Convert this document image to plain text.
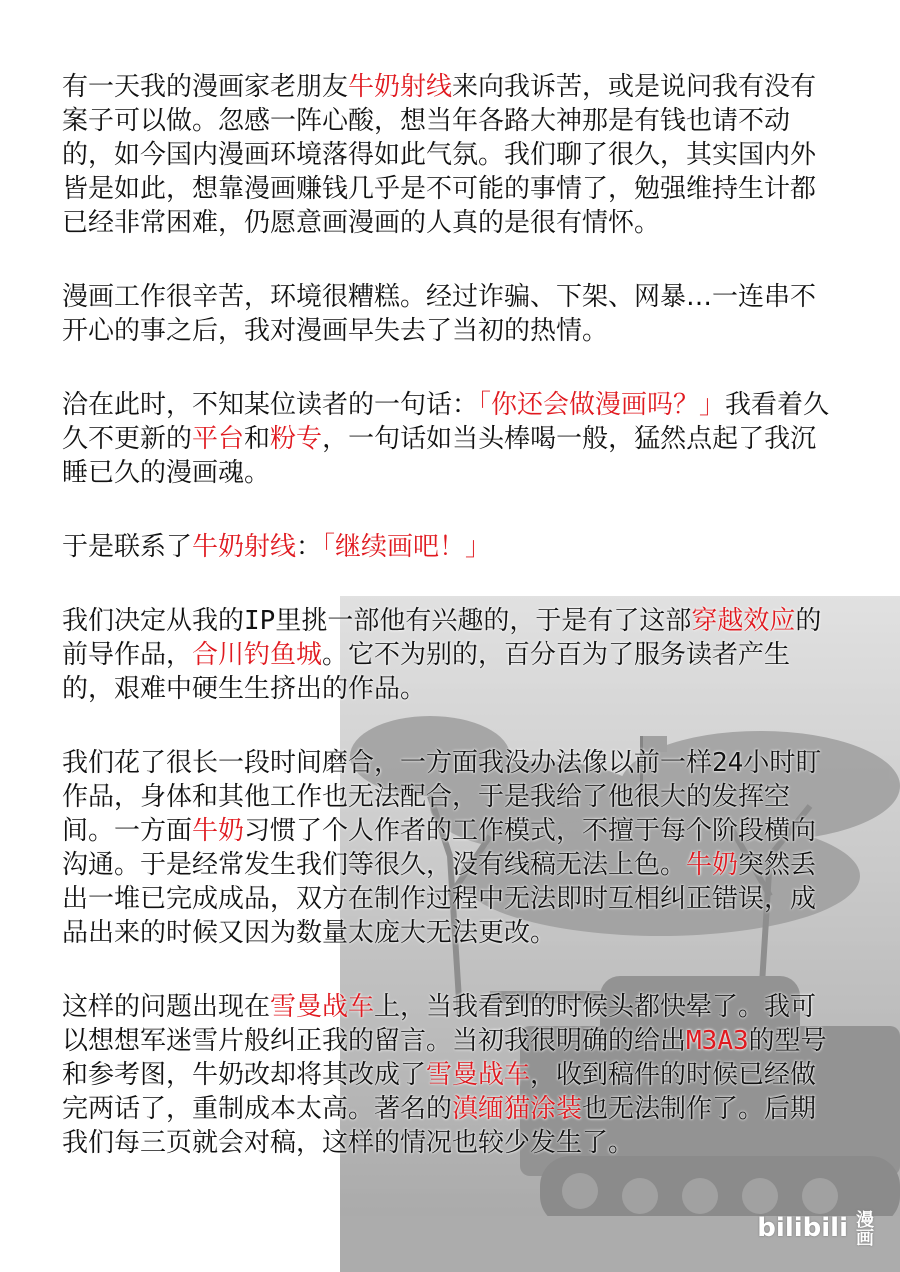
有一天我的漫画家老朋友牛奶射线来向我诉苦，或是说问我有没有案子可以做。忽感一阵心酸，想当年各路大神那是有钱也请不动的，如今国内漫画环境落得如此气氛。我们聊了很久，其实国内外皆是如此，想靠漫画赚钱几乎是不可能的事情了，勉强维持生计都已经非常困难，仍愿意画漫画的人真的是很有情怀。

漫画工作很辛苦，环境很糟糕。经过诈骗、下架、网暴…一连串不开心的事之后，我对漫画早失去了当初的热情。

洽在此时，不知某位读者的一句话：「你还会做漫画吗？」我看着久久不更新的平台和粉专，一句话如当头棒喝一般，猛然点起了我沉睡已久的漫画魂。

于是联系了牛奶射线：「继续画吧！」

我们决定从我的IP里挑一部他有兴趣的，于是有了这部穿越效应的前导作品，合川钓鱼城。它不为别的，百分百为了服务读者产生的，艰难中硬生生挤出的作品。

我们花了很长一段时间磨合，一方面我没办法像以前一样24小时盯作品，身体和其他工作也无法配合，于是我给了他很大的发挥空间。一方面牛奶习惯了个人作者的工作模式，不擅于每个阶段横向沟通。于是经常发生我们等很久，没有线稿无法上色。牛奶突然丢出一堆已完成成品，双方在制作过程中无法即时互相纠正错误，成品出来的时候又因为数量太庞大无法更改。

这样的问题出现在雪曼战车上，当我看到的时候头都快晕了。我可以想想军迷雪片般纠正我的留言。当初我很明确的给出M3A3的型号和参考图，牛奶改却将其改成了雪曼战车，收到稿件的时候已经做完两话了，重制成本太高。著名的滇缅猫涂装也无法制作了。后期我们每三页就会对稿，这样的情况也较少发生了。

bilibili 漫画
